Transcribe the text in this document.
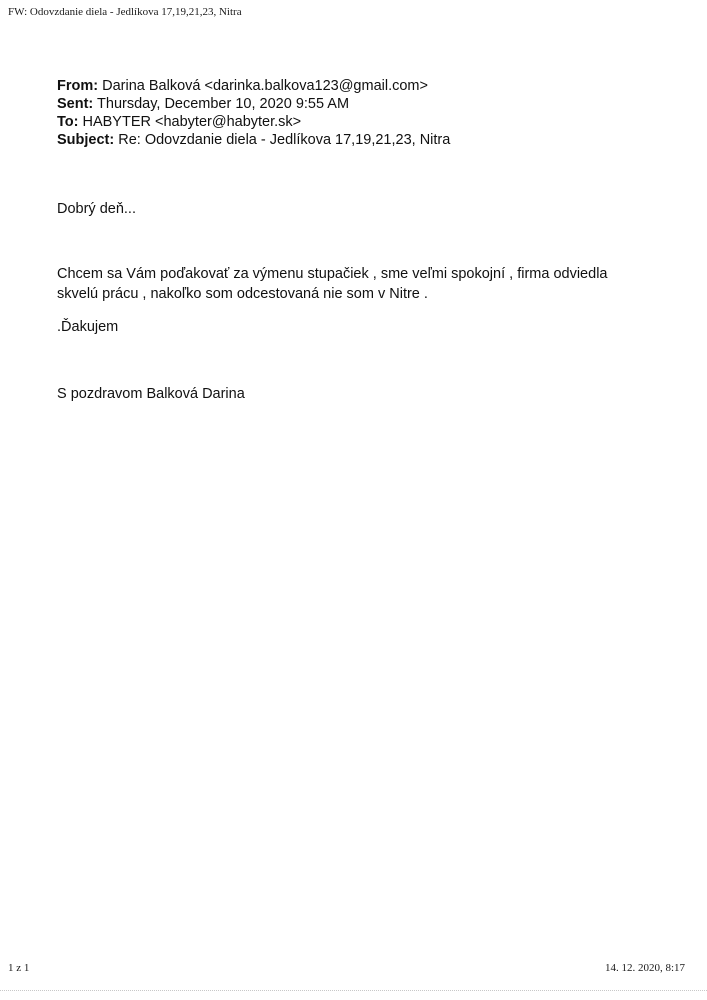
FW: Odovzdanie diela - Jedlíkova 17,19,21,23, Nitra
From: Darina Balková <darinka.balkova123@gmail.com>
Sent: Thursday, December 10, 2020 9:55 AM
To: HABYTER <habyter@habyter.sk>
Subject: Re: Odovzdanie diela - Jedlíkova 17,19,21,23, Nitra
Dobrý deň...
Chcem sa Vám poďakovať za výmenu stupačiek , sme veľmi spokojní , firma odviedla
skvelú prácu , nakoľko som odcestovaná nie som v Nitre .
.Ďakujem
S pozdravom Balková Darina
1 z 1	14. 12. 2020, 8:17
